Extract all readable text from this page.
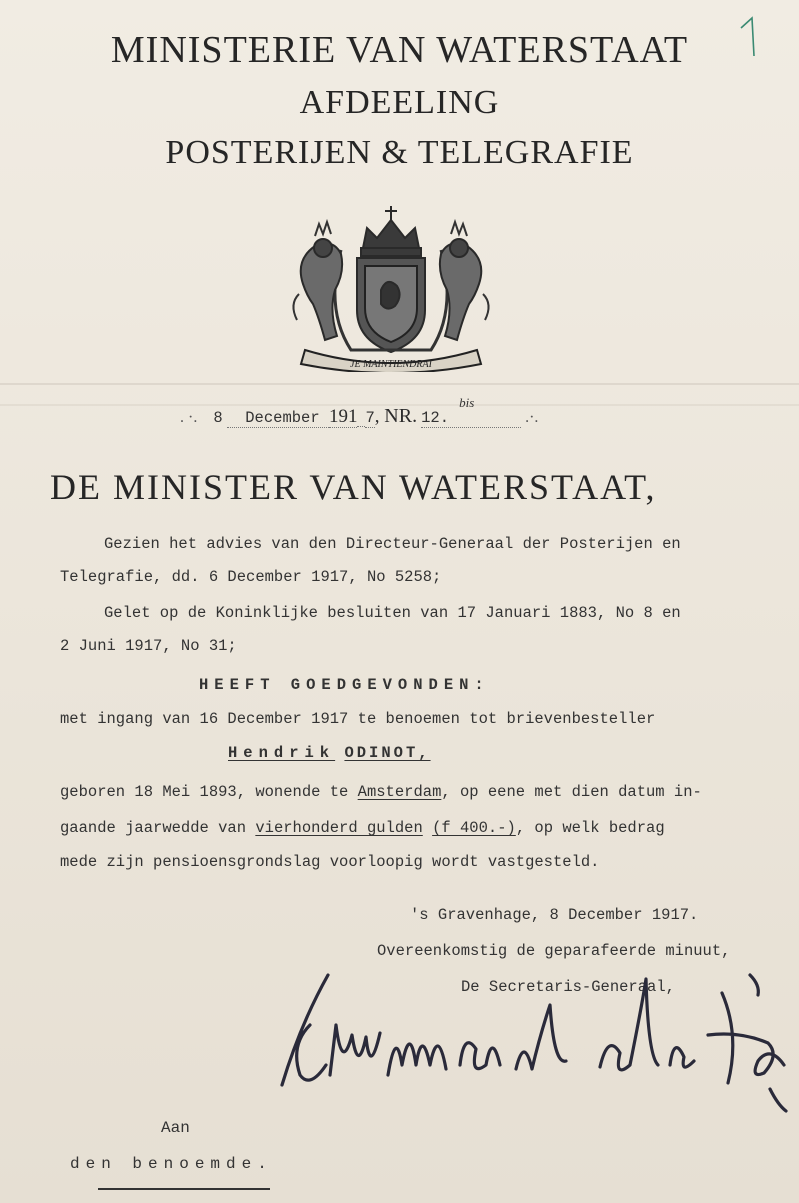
MINISTERIE VAN WATERSTAAT
AFDEELING
POSTERIJEN & TELEGRAFIE
JE MAINTIENDRAI
. ·.    8 December 191 7, NR. 12.
bis
.·.
DE MINISTER VAN WATERSTAAT,
Gezien het advies van den Directeur-Generaal der Posterijen en
Telegrafie, dd. 6 December 1917, No 5258;
Gelet op de Koninklijke besluiten van 17 Januari 1883, No 8 en
2 Juni 1917, No 31;
HEEFT GOEDGEVONDEN:
met ingang van 16 December 1917 te benoemen tot brievenbesteller
Hendrik ODINOT,
geboren 18 Mei 1893, wonende te Amsterdam, op eene met dien datum in-
gaande jaarwedde van vierhonderd gulden (f 400.-), op welk bedrag
mede zijn pensioensgrondslag voorloopig wordt vastgesteld.
's Gravenhage, 8 December 1917.
Overeenkomstig de geparafeerde minuut,
De Secretaris-Generaal,
Sweerts de Landas
Aan
den benoemde.
